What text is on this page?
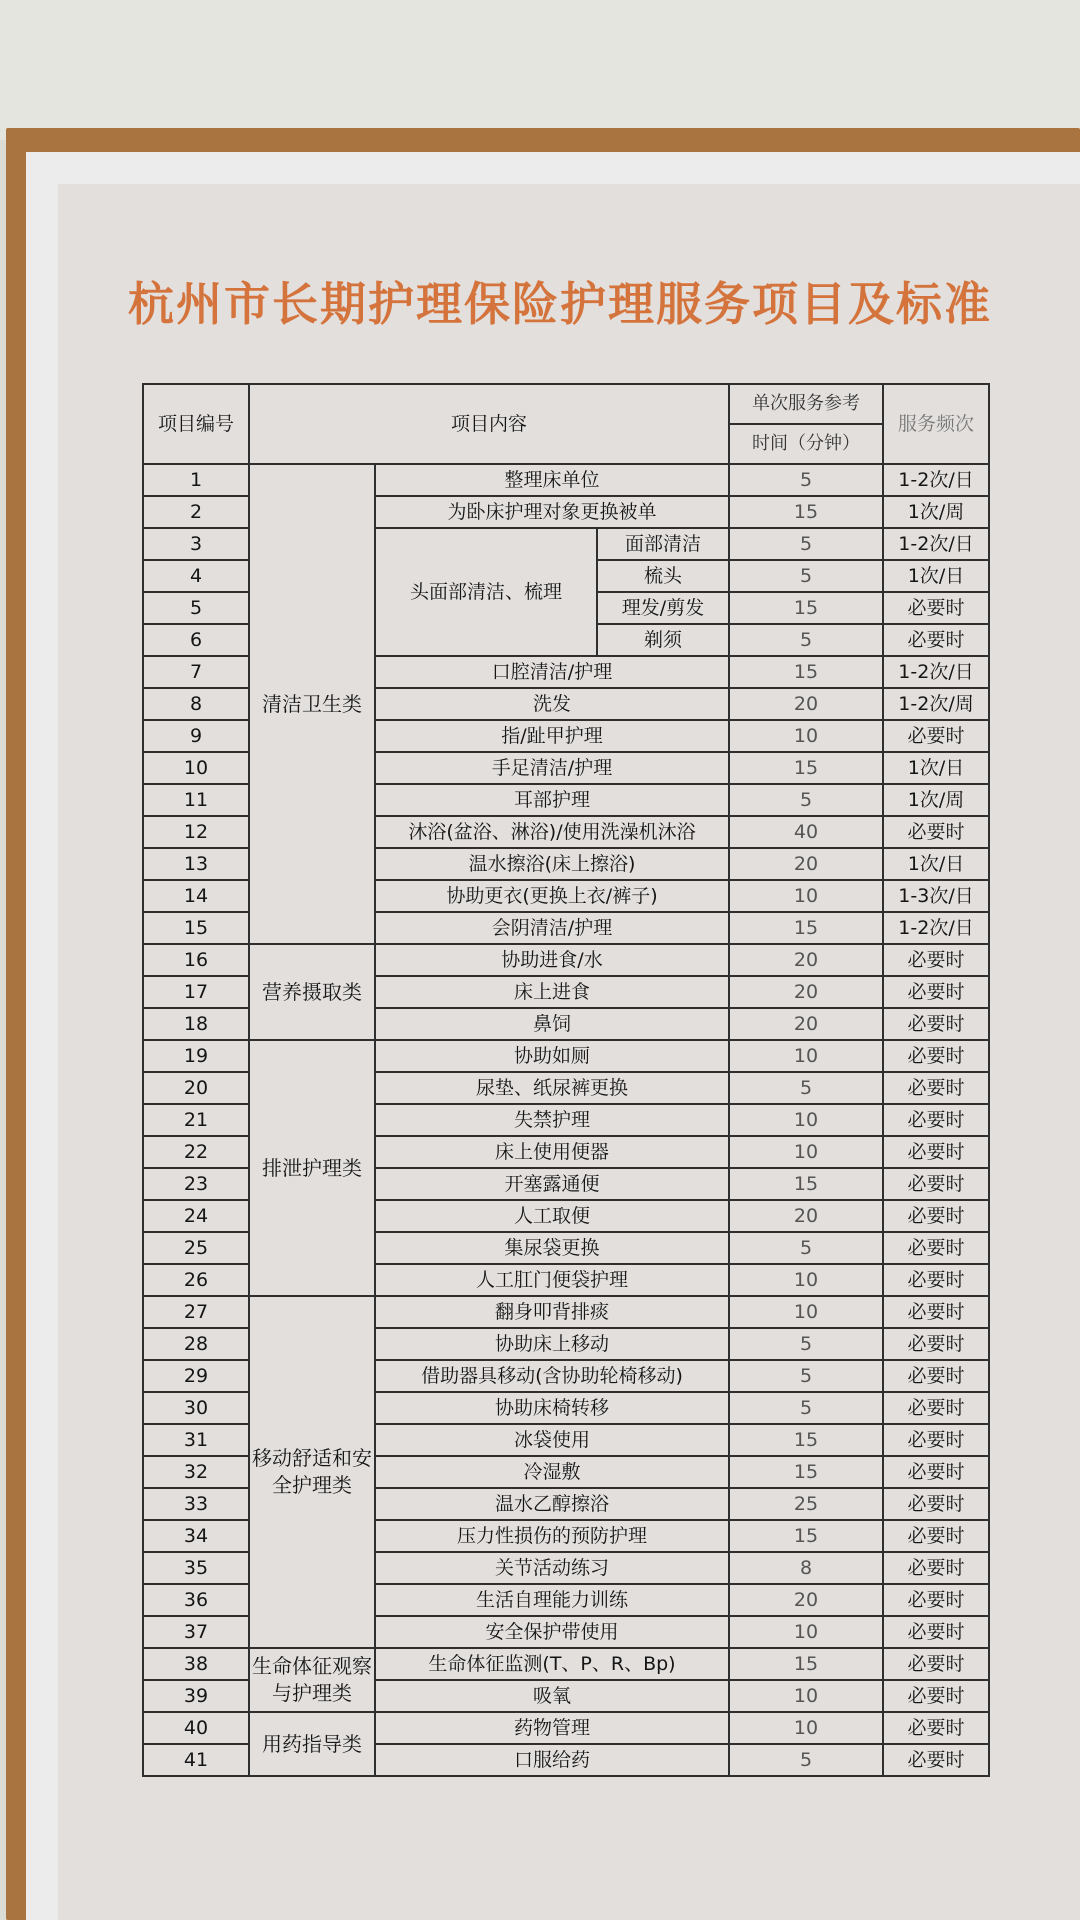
杭州市长期护理保险护理服务项目及标准
项目编号	项目内容			单次服务参考	服务频次
				时间（分钟）	
1	清洁卫生类	整理床单位		5	1-2次/日
2		为卧床护理对象更换被单		15	1次/周
3		头面部清洁、梳理	面部清洁	5	1-2次/日
4			梳头	5	1次/日
5			理发/剪发	15	必要时
6			剃须	5	必要时
7		口腔清洁/护理		15	1-2次/日
8		洗发		20	1-2次/周
9		指/趾甲护理		10	必要时
10		手足清洁/护理		15	1次/日
11		耳部护理		5	1次/周
12		沐浴(盆浴、淋浴)/使用洗澡机沐浴		40	必要时
13		温水擦浴(床上擦浴)		20	1次/日
14		协助更衣(更换上衣/裤子)		10	1-3次/日
15		会阴清洁/护理		15	1-2次/日
16	营养摄取类	协助进食/水		20	必要时
17		床上进食		20	必要时
18		鼻饲		20	必要时
19	排泄护理类	协助如厕		10	必要时
20		尿垫、纸尿裤更换		5	必要时
21		失禁护理		10	必要时
22		床上使用便器		10	必要时
23		开塞露通便		15	必要时
24		人工取便		20	必要时
25		集尿袋更换		5	必要时
26		人工肛门便袋护理		10	必要时
27	移动舒适和安全护理类	翻身叩背排痰		10	必要时
28		协助床上移动		5	必要时
29		借助器具移动(含协助轮椅移动)		5	必要时
30		协助床椅转移		5	必要时
31		冰袋使用		15	必要时
32		冷湿敷		15	必要时
33		温水乙醇擦浴		25	必要时
34		压力性损伤的预防护理		15	必要时
35		关节活动练习		8	必要时
36		生活自理能力训练		20	必要时
37		安全保护带使用		10	必要时
38	生命体征观察与护理类	生命体征监测(T、P、R、Bp)		15	必要时
39		吸氧		10	必要时
40	用药指导类	药物管理		10	必要时
41		口服给药		5	必要时
